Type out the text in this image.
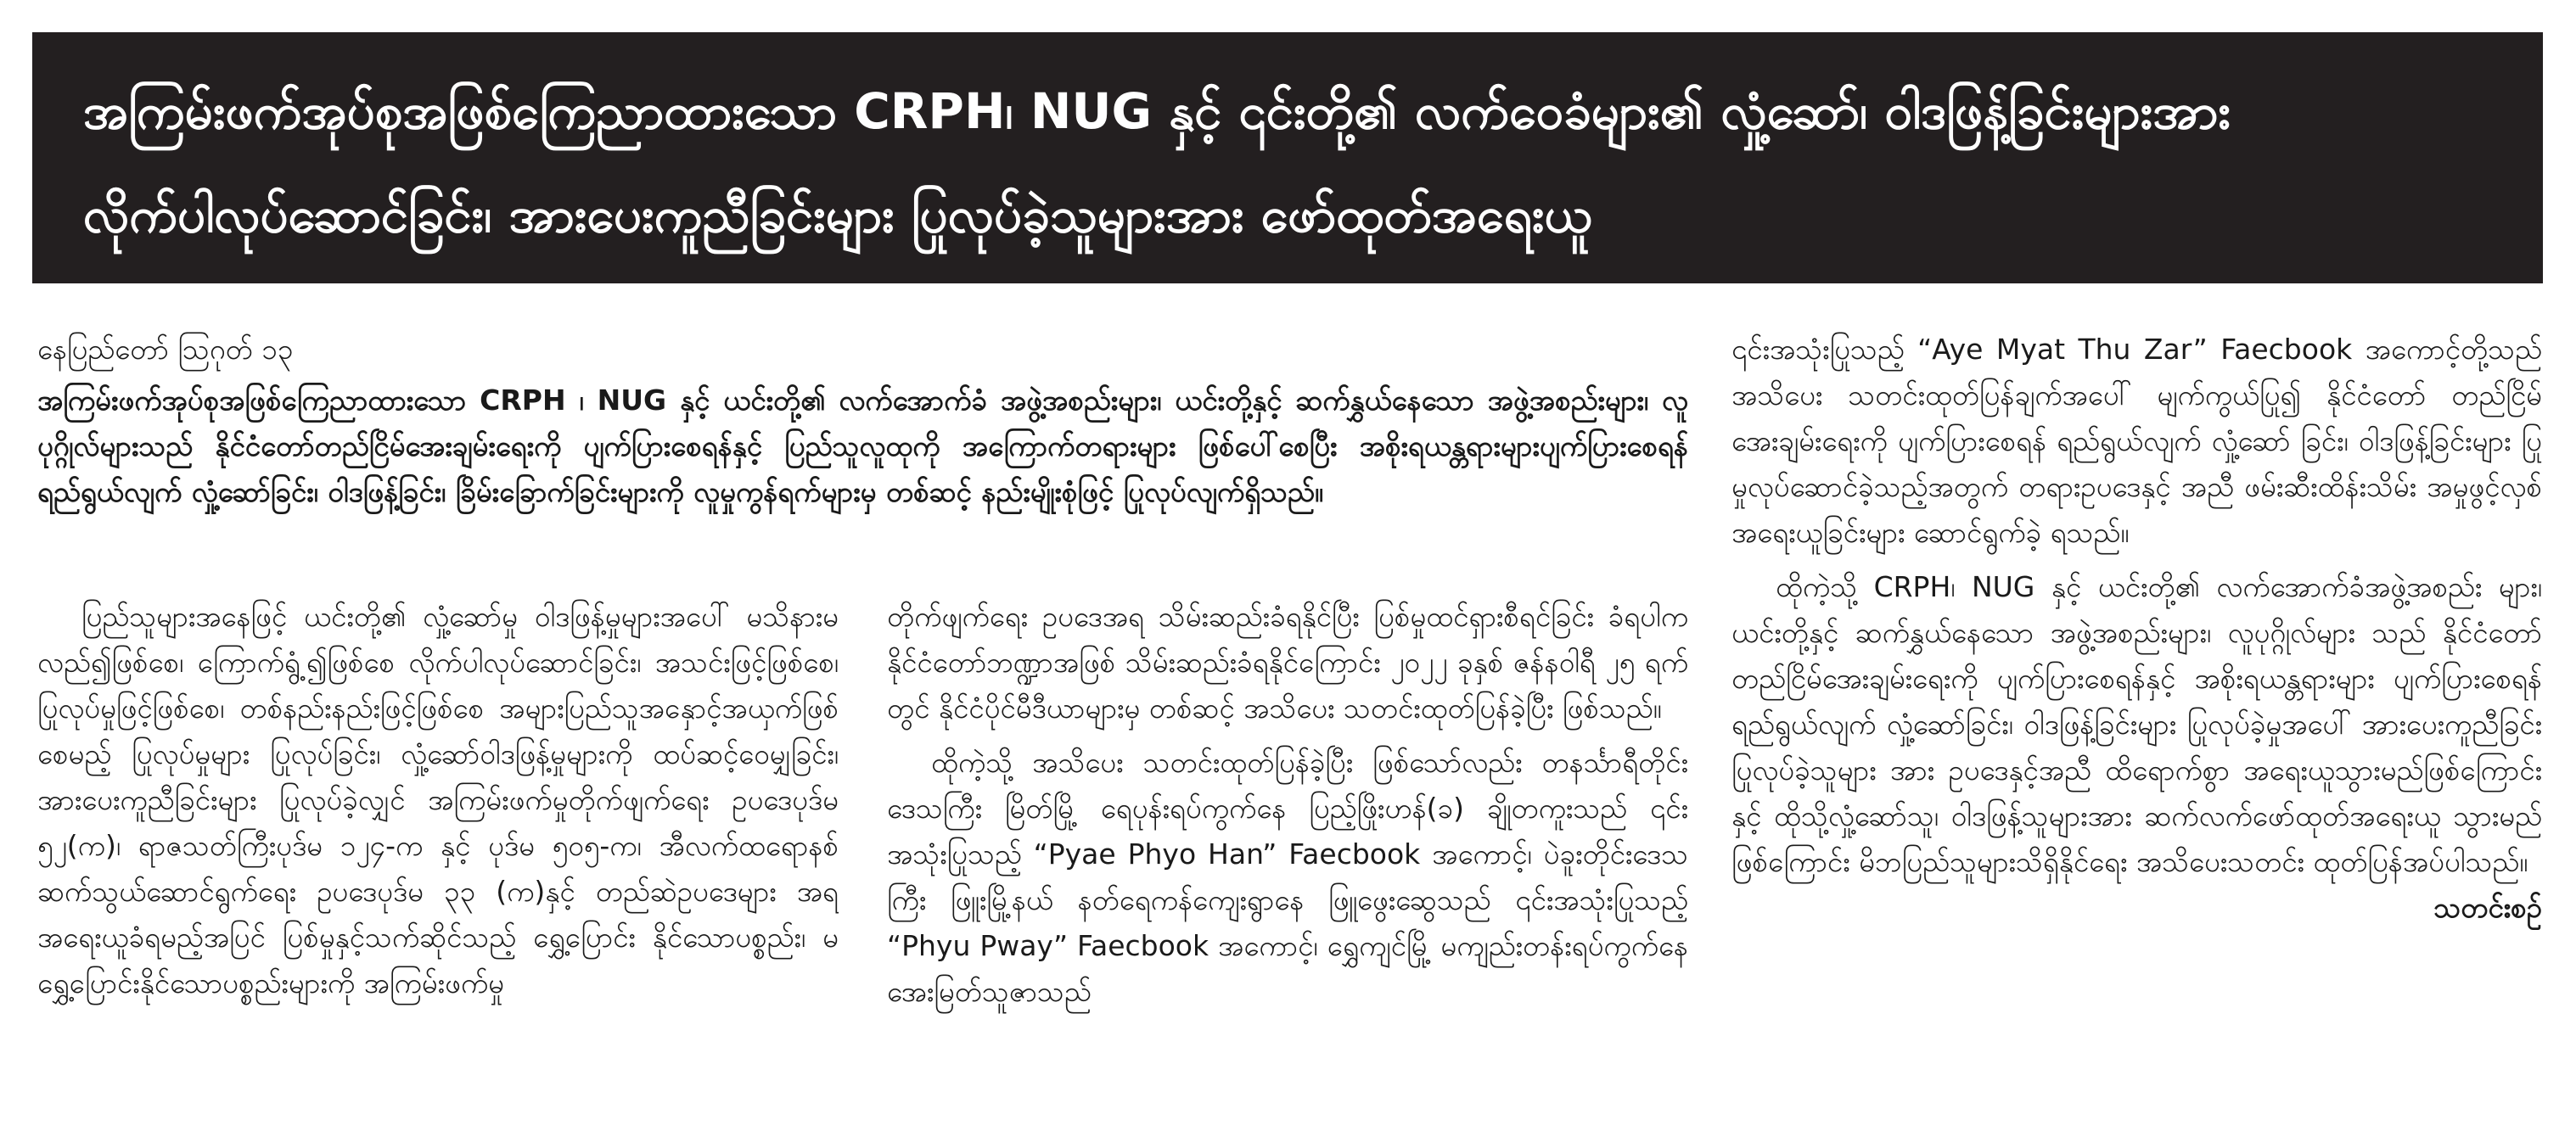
အကြမ်းဖက်အုပ်စုအဖြစ်ကြေညာထားသော CRPH၊ NUG နှင့် ၎င်းတို့၏ လက်ဝေခံများ၏ လှုံ့ဆော်၊ ဝါဒဖြန့်ခြင်းများအား
လိုက်ပါလုပ်ဆောင်ခြင်း၊ အားပေးကူညီခြင်းများ ပြုလုပ်ခဲ့သူများအား ဖော်ထုတ်အရေးယူ
နေပြည်တော် ဩဂုတ် ၁၃

အကြမ်းဖက်အုပ်စုအဖြစ်ကြေညာထားသော CRPH ၊ NUG နှင့် ယင်းတို့၏ လက်အောက်ခံ အဖွဲ့အစည်းများ၊ ယင်းတို့နှင့် ဆက်နွှယ်နေသော အဖွဲ့အစည်းများ၊ လူပုဂ္ဂိုလ်များသည် နိုင်ငံတော်တည်ငြိမ်အေးချမ်းရေးကို ပျက်ပြားစေရန်နှင့် ပြည်သူလူထုကို အကြောက်တရားများ ဖြစ်ပေါ်စေပြီး အစိုးရယန္တရားများပျက်ပြားစေရန် ရည်ရွယ်လျက် လှုံ့ဆော်ခြင်း၊ ဝါဒဖြန့်ခြင်း၊ ခြိမ်းခြောက်ခြင်းများကို လူမှုကွန်ရက်များမှ တစ်ဆင့် နည်းမျိုးစုံဖြင့် ပြုလုပ်လျက်ရှိသည်။

ပြည်သူများအနေဖြင့် ယင်းတို့၏ လှုံ့ဆော်မှု ဝါဒဖြန့်မှုများအပေါ် မသိနားမလည်၍ဖြစ်စေ၊ ကြောက်ရွံ့၍ဖြစ်စေ လိုက်ပါလုပ်ဆောင်ခြင်း၊ အသင်းဖြင့်ဖြစ်စေ၊ ပြုလုပ်မှုဖြင့်ဖြစ်စေ၊ တစ်နည်းနည်းဖြင့်ဖြစ်စေ အများပြည်သူအနှောင့်အယှက်ဖြစ်စေမည့် ပြုလုပ်မှုများ ပြုလုပ်ခြင်း၊ လှုံ့ဆော်ဝါဒဖြန့်မှုများကို ထပ်ဆင့်ဝေမျှခြင်း၊ အားပေးကူညီခြင်းများ ပြုလုပ်ခဲ့လျှင် အကြမ်းဖက်မှုတိုက်ဖျက်ရေး ဥပဒေပုဒ်မ ၅၂(က)၊ ရာဇသတ်ကြီးပုဒ်မ ၁၂၄-က နှင့် ပုဒ်မ ၅၀၅-က၊ အီလက်ထရောနစ် ဆက်သွယ်ဆောင်ရွက်ရေး ဥပဒေပုဒ်မ ၃၃ (က)နှင့် တည်ဆဲဥပဒေများ အရ အရေးယူခံရမည့်အပြင် ပြစ်မှုနှင့်သက်ဆိုင်သည့် ရွှေ့ပြောင်း နိုင်သောပစ္စည်း၊ မရွှေ့ပြောင်းနိုင်သောပစ္စည်းများကို အကြမ်းဖက်မှု

တိုက်ဖျက်ရေး ဥပဒေအရ သိမ်းဆည်းခံရနိုင်ပြီး ပြစ်မှုထင်ရှားစီရင်ခြင်း ခံရပါက နိုင်ငံတော်ဘဏ္ဍာအဖြစ် သိမ်းဆည်းခံရနိုင်ကြောင်း ၂၀၂၂ ခုနှစ် ဇန်နဝါရီ ၂၅ ရက်တွင် နိုင်ငံပိုင်မီဒီယာများမှ တစ်ဆင့် အသိပေး သတင်းထုတ်ပြန်ခဲ့ပြီး ဖြစ်သည်။

ထိုကဲ့သို့ အသိပေး သတင်းထုတ်ပြန်ခဲ့ပြီး ဖြစ်သော်လည်း တနင်္သာရီတိုင်းဒေသကြီး မြိတ်မြို့ ရေပုန်းရပ်ကွက်နေ ပြည့်ဖြိုးဟန်(ခ) ချိုတကူးသည် ၎င်းအသုံးပြုသည့် “Pyae Phyo Han” Faecbook အကောင့်၊ ပဲခူးတိုင်းဒေသကြီး ဖြူးမြို့နယ် နတ်ရေကန်ကျေးရွာနေ ဖြူဖွေးဆွေသည် ၎င်းအသုံးပြုသည့် “Phyu Pway” Faecbook အကောင့်၊ ရွှေကျင်မြို့ မကျည်းတန်းရပ်ကွက်နေ အေးမြတ်သူဇာသည်

၎င်းအသုံးပြုသည့် “Aye Myat Thu Zar” Faecbook အကောင့်တို့သည် အသိပေး သတင်းထုတ်ပြန်ချက်အပေါ် မျက်ကွယ်ပြု၍ နိုင်ငံတော် တည်ငြိမ်အေးချမ်းရေးကို ပျက်ပြားစေရန် ရည်ရွယ်လျက် လှုံ့ဆော် ခြင်း၊ ဝါဒဖြန့်ခြင်းများ ပြုမှုလုပ်ဆောင်ခဲ့သည့်အတွက် တရားဥပဒေနှင့် အညီ ဖမ်းဆီးထိန်းသိမ်း အမှုဖွင့်လှစ်အရေးယူခြင်းများ ဆောင်ရွက်ခဲ့ ရသည်။

ထိုကဲ့သို့ CRPH၊ NUG နှင့် ယင်းတို့၏ လက်အောက်ခံအဖွဲ့အစည်း များ၊ ယင်းတို့နှင့် ဆက်နွှယ်နေသော အဖွဲ့အစည်းများ၊ လူပုဂ္ဂိုလ်များ သည် နိုင်ငံတော်တည်ငြိမ်အေးချမ်းရေးကို ပျက်ပြားစေရန်နှင့် အစိုးရယန္တရားများ ပျက်ပြားစေရန်ရည်ရွယ်လျက် လှုံ့ဆော်ခြင်း၊ ဝါဒဖြန့်ခြင်းများ ပြုလုပ်ခဲ့မှုအပေါ် အားပေးကူညီခြင်း ပြုလုပ်ခဲ့သူများ အား ဥပဒေနှင့်အညီ ထိရောက်စွာ အရေးယူသွားမည်ဖြစ်ကြောင်းနှင့် ထိုသို့လှုံ့ဆော်သူ၊ ဝါဒဖြန့်သူများအား ဆက်လက်ဖော်ထုတ်အရေးယူ သွားမည်ဖြစ်ကြောင်း မိဘပြည်သူများသိရှိနိုင်ရေး အသိပေးသတင်း ထုတ်ပြန်အပ်ပါသည်။

သတင်းစဉ်
